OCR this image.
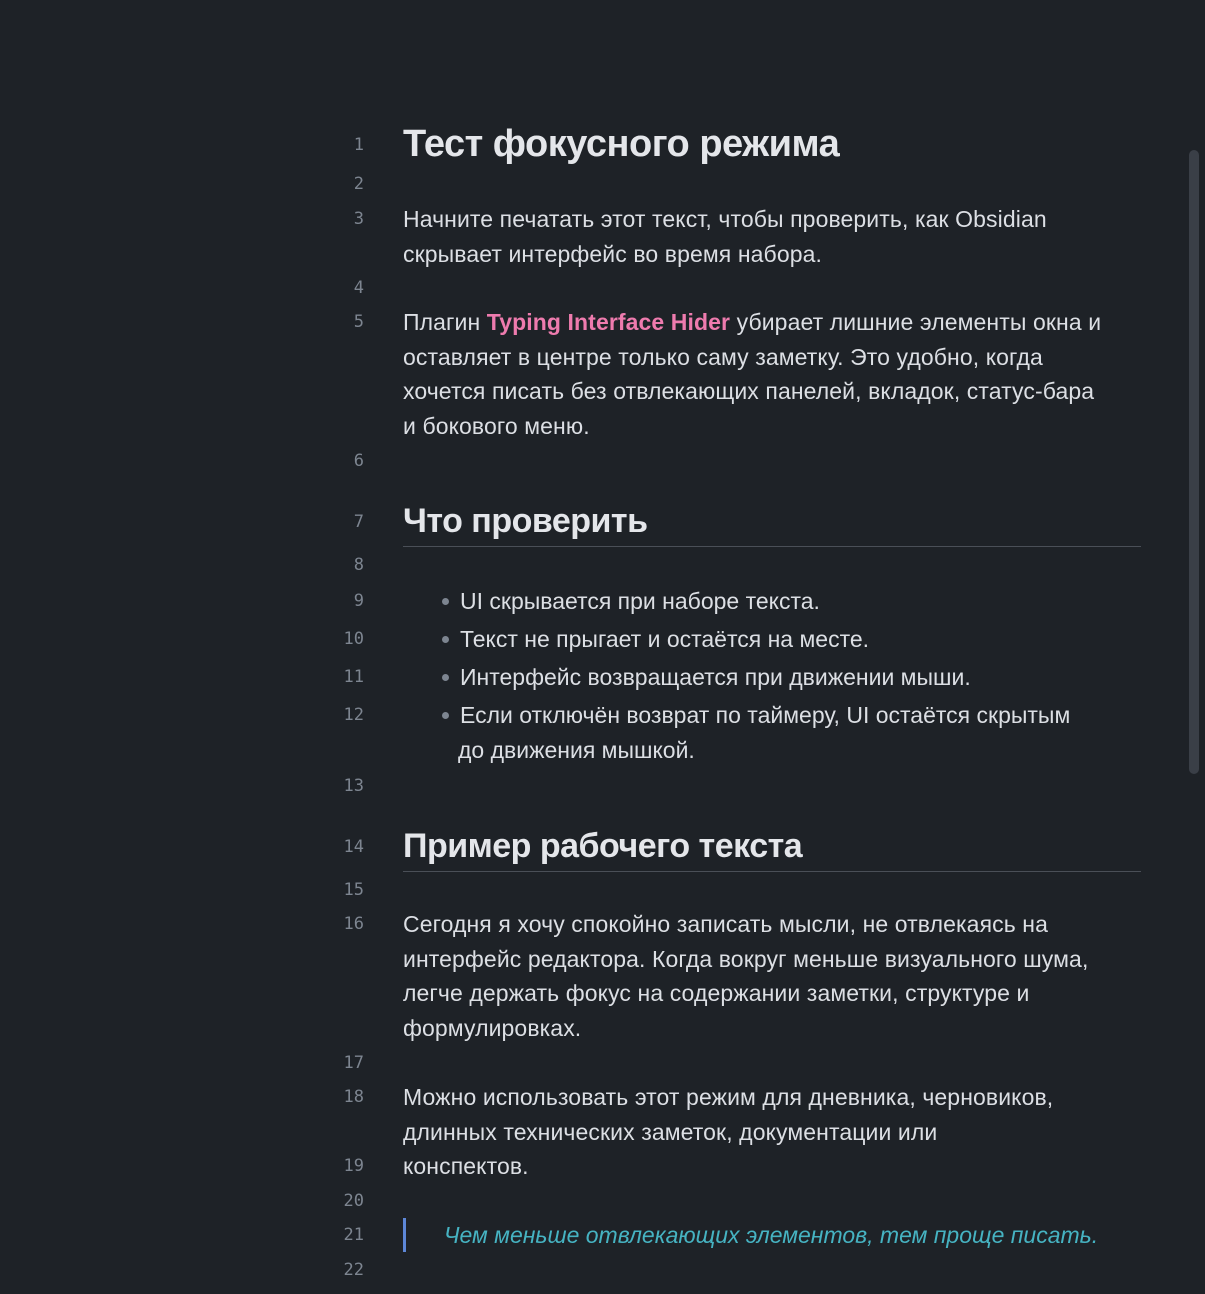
1
2
3
4
5
6
7
8
9
10
11
12
13
14
15
16
17
18
19
20
21
22
Тест фокусного режима
Начните печатать этот текст, чтобы проверить, как Obsidian
скрывает интерфейс во время набора.
Плагин Typing Interface Hider убирает лишние элементы окна и
оставляет в центре только саму заметку. Это удобно, когда
хочется писать без отвлекающих панелей, вкладок, статус-бара
и бокового меню.
Что проверить
UI скрывается при наборе текста.
Текст не прыгает и остаётся на месте.
Интерфейс возвращается при движении мыши.
Если отключён возврат по таймеру, UI остаётся скрытым
до движения мышкой.
Пример рабочего текста
Сегодня я хочу спокойно записать мысли, не отвлекаясь на
интерфейс редактора. Когда вокруг меньше визуального шума,
легче держать фокус на содержании заметки, структуре и
формулировках.
Можно использовать этот режим для дневника, черновиков,
длинных технических заметок, документации или
конспектов.
Чем меньше отвлекающих элементов, тем проще писать.
